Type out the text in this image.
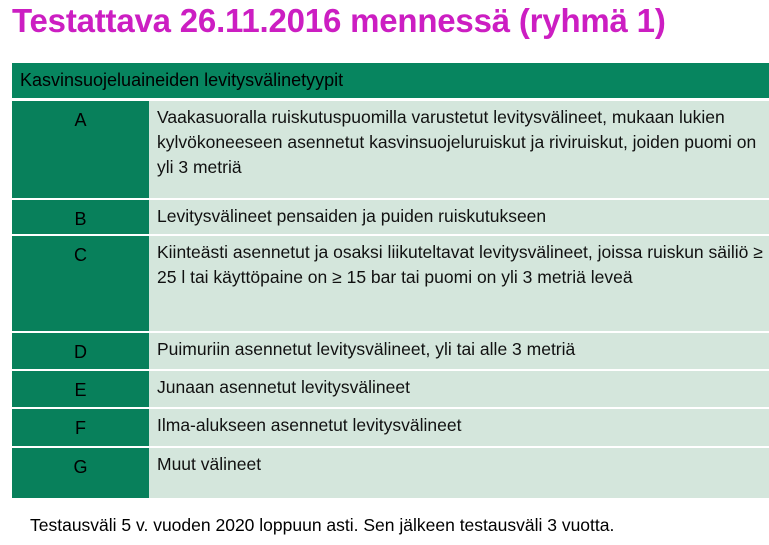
Testattava 26.11.2016 mennessä (ryhmä 1)
Kasvinsuojeluaineiden levitysvälinetyypit
A	Vaakasuoralla ruiskutuspuomilla varustetut levitysvälineet, mukaan lukien kylvökoneeseen asennetut kasvinsuojeluruiskut ja riviruiskut, joiden puomi on yli 3 metriä
B	Levitysvälineet pensaiden ja puiden ruiskutukseen
C	Kiinteästi asennetut ja osaksi liikuteltavat levitysvälineet, joissa ruiskun säiliö ≥ 25 l tai käyttöpaine on ≥ 15 bar tai puomi on yli 3 metriä leveä
D	Puimuriin asennetut levitysvälineet, yli tai alle 3 metriä
E	Junaan asennetut levitysvälineet
F	Ilma-alukseen asennetut levitysvälineet
G	Muut välineet
Testausväli 5 v. vuoden 2020 loppuun asti. Sen jälkeen testausväli 3 vuotta.
